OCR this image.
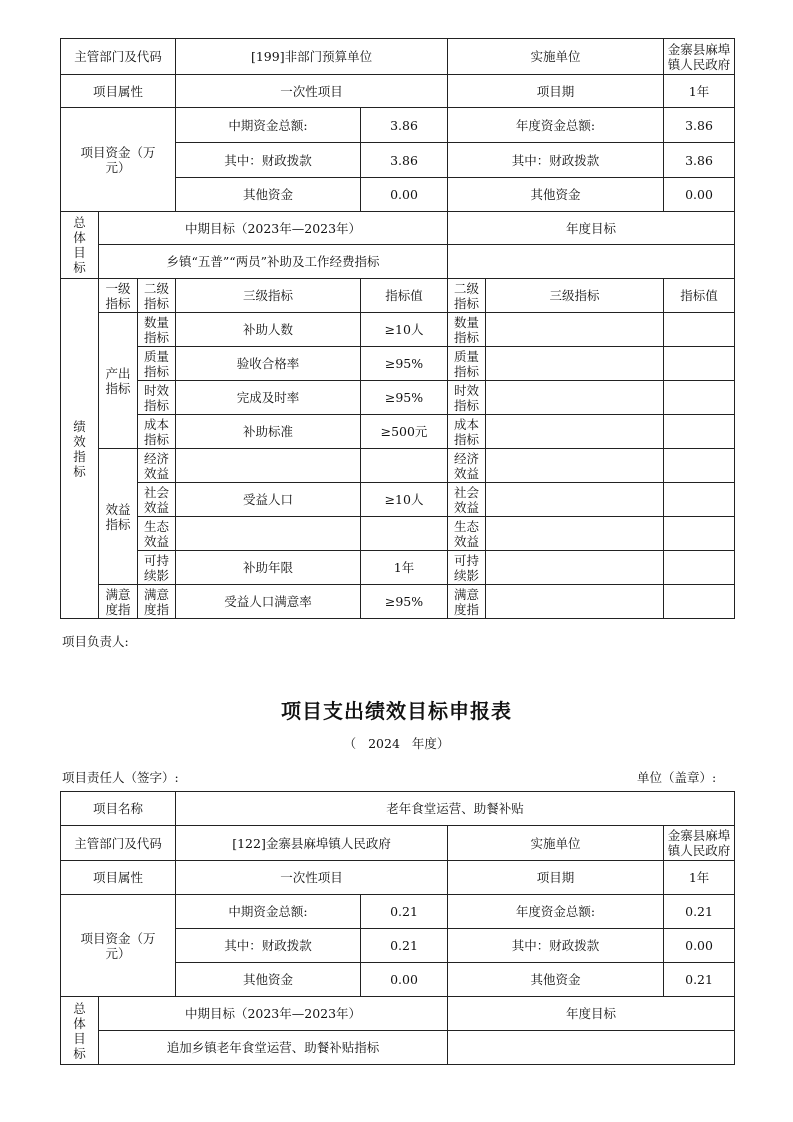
主管部门及代码			[199]非部门预算单位		实施单位		金寨县麻埠镇人民政府
项目属性			一次性项目		项目期		1年
项目资金（万元）			中期资金总额:	3.86	年度资金总额:		3.86
			其中：财政拨款	3.86	其中：财政拨款		3.86
			其他资金	0.00	其他资金		0.00
总体目标	中期目标（2023年—2023年）				年度目标		
	乡镇“五普”“两员”补助及工作经费指标						
绩效指标	一级指标	二级指标	三级指标	指标值	二级指标	三级指标	指标值
	产出指标	数量指标	补助人数	≥10人	数量指标		
		质量指标	验收合格率	≥95%	质量指标		
		时效指标	完成及时率	≥95%	时效指标		
		成本指标	补助标准	≥500元	成本指标		
	效益指标	经济效益			经济效益		
		社会效益	受益人口	≥10人	社会效益		
		生态效益			生态效益		
		可持续影	补助年限	1年	可持续影		
	满意度指	满意度指	受益人口满意率	≥95%	满意度指		
项目负责人:
项目支出绩效目标申报表
（   2024   年度）
项目责任人（签字）:	单位（盖章）:
项目名称		老年食堂运营、助餐补贴			
主管部门及代码		[122]金寨县麻埠镇人民政府		实施单位	金寨县麻埠镇人民政府
项目属性		一次性项目		项目期	1年
项目资金（万元）		中期资金总额:	0.21	年度资金总额:	0.21
		其中：财政拨款	0.21	其中：财政拨款	0.00
		其他资金	0.00	其他资金	0.21
总体目标	中期目标（2023年—2023年）			年度目标	
	追加乡镇老年食堂运营、助餐补贴指标				
